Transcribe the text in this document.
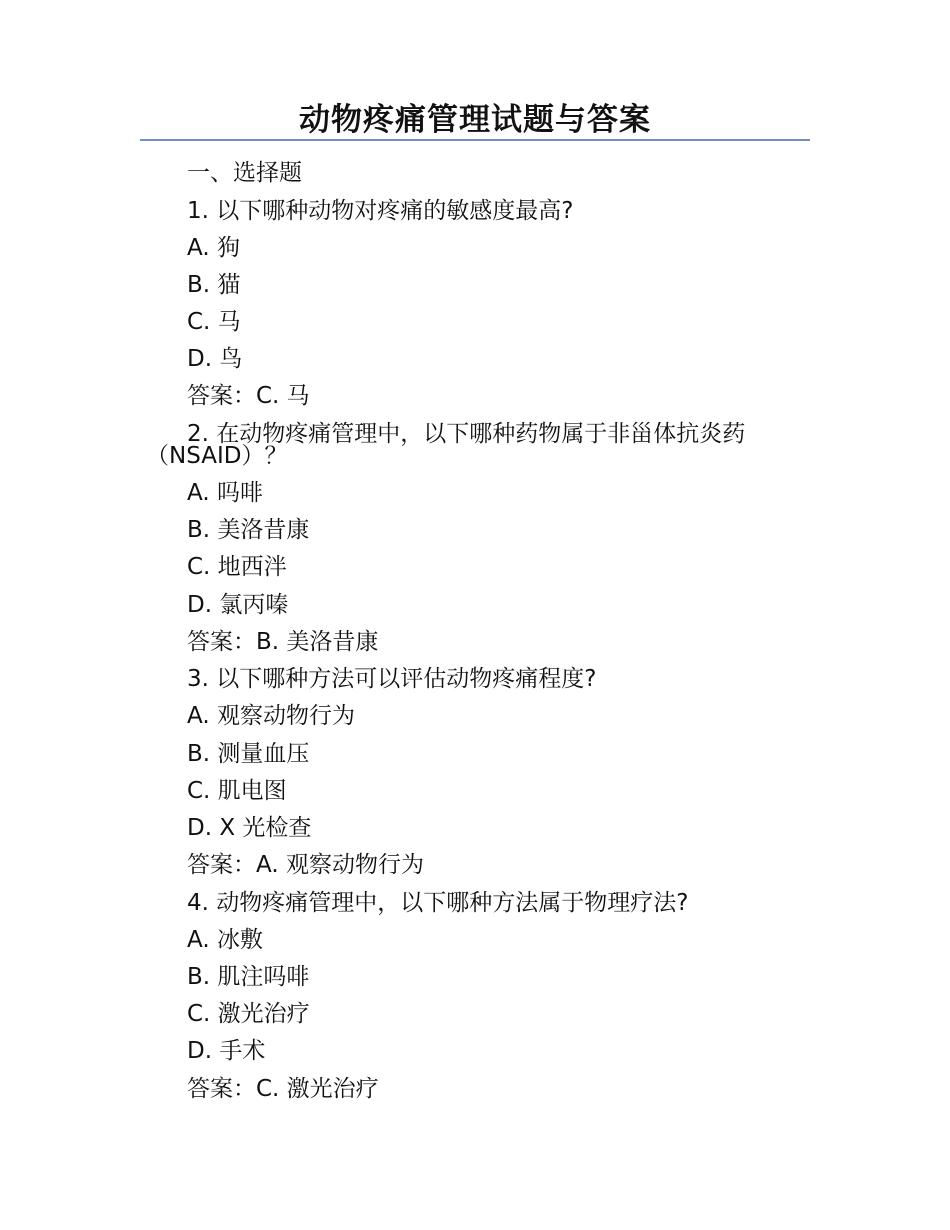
动物疼痛管理试题与答案
一、选择题
1. 以下哪种动物对疼痛的敏感度最高?
A. 狗
B. 猫
C. 马
D. 鸟
答案：C. 马
2. 在动物疼痛管理中，以下哪种药物属于非甾体抗炎药
（NSAID）？
A. 吗啡
B. 美洛昔康
C. 地西泮
D. 氯丙嗪
答案：B. 美洛昔康
3. 以下哪种方法可以评估动物疼痛程度?
A. 观察动物行为
B. 测量血压
C. 肌电图
D. X 光检查
答案：A. 观察动物行为
4. 动物疼痛管理中，以下哪种方法属于物理疗法?
A. 冰敷
B. 肌注吗啡
C. 激光治疗
D. 手术
答案：C. 激光治疗
